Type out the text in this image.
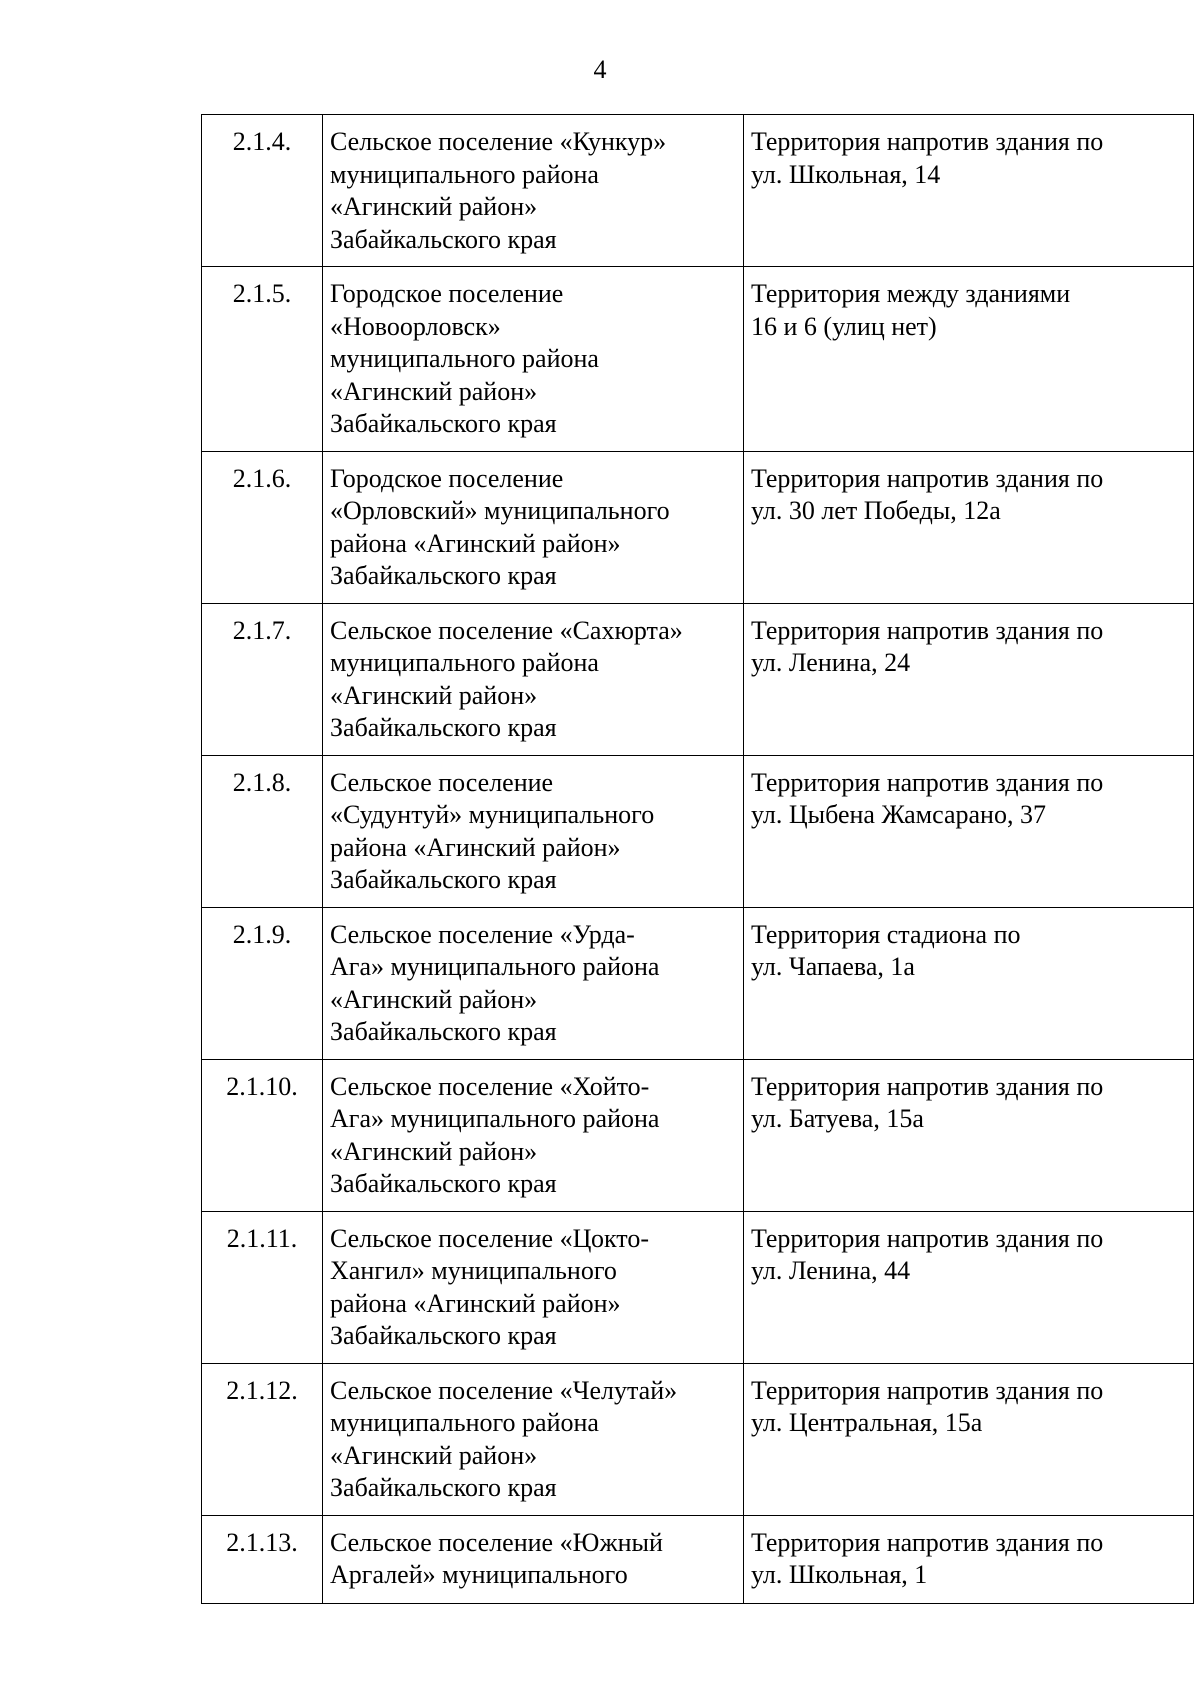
4
2.1.4.	Сельское поселение «Кункур»
муниципального района
«Агинский район»
Забайкальского края	Территория напротив здания по
ул. Школьная, 14
2.1.5.	Городское поселение
«Новоорловск»
муниципального района
«Агинский район»
Забайкальского края	Территория между зданиями
16 и 6 (улиц нет)
2.1.6.	Городское поселение
«Орловский» муниципального
района «Агинский район»
Забайкальского края	Территория напротив здания по
ул. 30 лет Победы, 12а
2.1.7.	Сельское поселение «Сахюрта»
муниципального района
«Агинский район»
Забайкальского края	Территория напротив здания по
ул. Ленина, 24
2.1.8.	Сельское поселение
«Судунтуй» муниципального
района «Агинский район»
Забайкальского края	Территория напротив здания по
ул. Цыбена Жамсарано, 37
2.1.9.	Сельское поселение «Урда-
Ага» муниципального района
«Агинский район»
Забайкальского края	Территория стадиона по
ул. Чапаева, 1а
2.1.10.	Сельское поселение «Хойто-
Ага» муниципального района
«Агинский район»
Забайкальского края	Территория напротив здания по
ул. Батуева, 15а
2.1.11.	Сельское поселение «Цокто-
Хангил» муниципального
района «Агинский район»
Забайкальского края	Территория напротив здания по
ул. Ленина, 44
2.1.12.	Сельское поселение «Челутай»
муниципального района
«Агинский район»
Забайкальского края	Территория напротив здания по
ул. Центральная, 15а
2.1.13.	Сельское поселение «Южный
Аргалей» муниципального	Территория напротив здания по
ул. Школьная, 1
